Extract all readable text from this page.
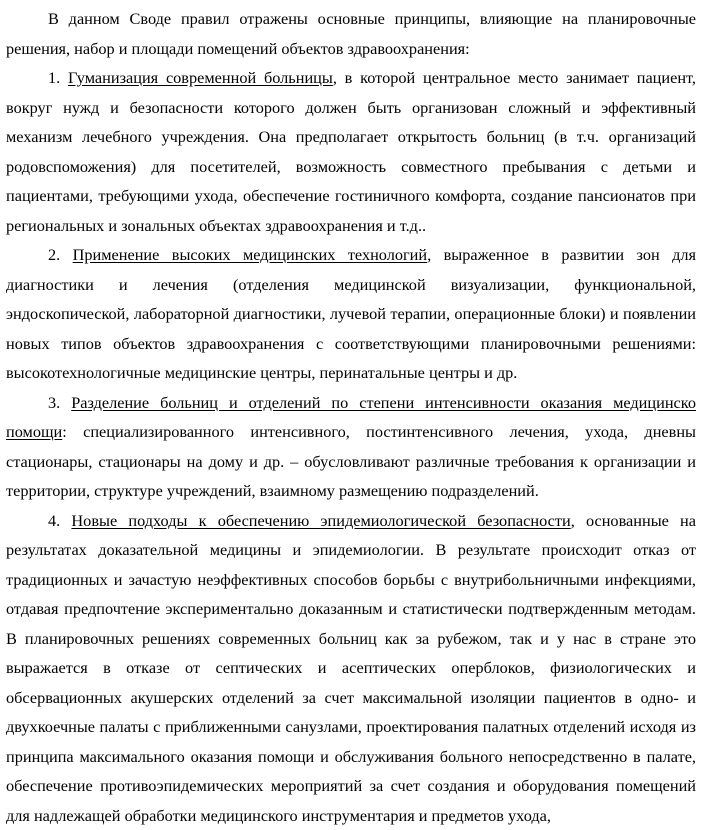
В данном Своде правил отражены основные принципы, влияющие на планировочные решения, набор и площади помещений объектов здравоохранения:

1. Гуманизация современной больницы, в которой центральное место занимает пациент, вокруг нужд и безопасности которого должен быть организован сложный и эффективный механизм лечебного учреждения. Она предполагает открытость больниц (в т.ч. организаций родовспоможения) для посетителей, возможность совместного пребывания с детьми и пациентами, требующими ухода, обеспечение гостиничного комфорта, создание пансионатов при региональных и зональных объектах здравоохранения и т.д..

2. Применение высоких медицинских технологий, выраженное в развитии зон для диагностики и лечения (отделения медицинской визуализации, функциональной, эндоскопической, лабораторной диагностики, лучевой терапии, операционные блоки) и появлении новых типов объектов здравоохранения с соответствующими планировочными решениями: высокотехнологичные медицинские центры, перинатальные центры и др.

3. Разделение больниц и отделений по степени интенсивности оказания медицинско помощи: специализированного интенсивного, постинтенсивного лечения, ухода, дневны стационары, стационары на дому и др. – обусловливают различные требования к организации и территории, структуре учреждений, взаимному размещению подразделений.

4. Новые подходы к обеспечению эпидемиологической безопасности, основанные на результатах доказательной медицины и эпидемиологии. В результате происходит отказ от традиционных и зачастую неэффективных способов борьбы с внутрибольничными инфекциями, отдавая предпочтение экспериментально доказанным и статистически подтвержденным методам. В планировочных решениях современных больниц как за рубежом, так и у нас в стране это выражается в отказе от септических и асептических оперблоков, физиологических и обсервационных акушерских отделений за счет максимальной изоляции пациентов в одно- и двухкоечные палаты с приближенными санузлами, проектирования палатных отделений исходя из принципа максимального оказания помощи и обслуживания больного непосредственно в палате, обеспечение противоэпидемических мероприятий за счет создания и оборудования помещений для надлежащей обработки медицинского инструментария и предметов ухода,
